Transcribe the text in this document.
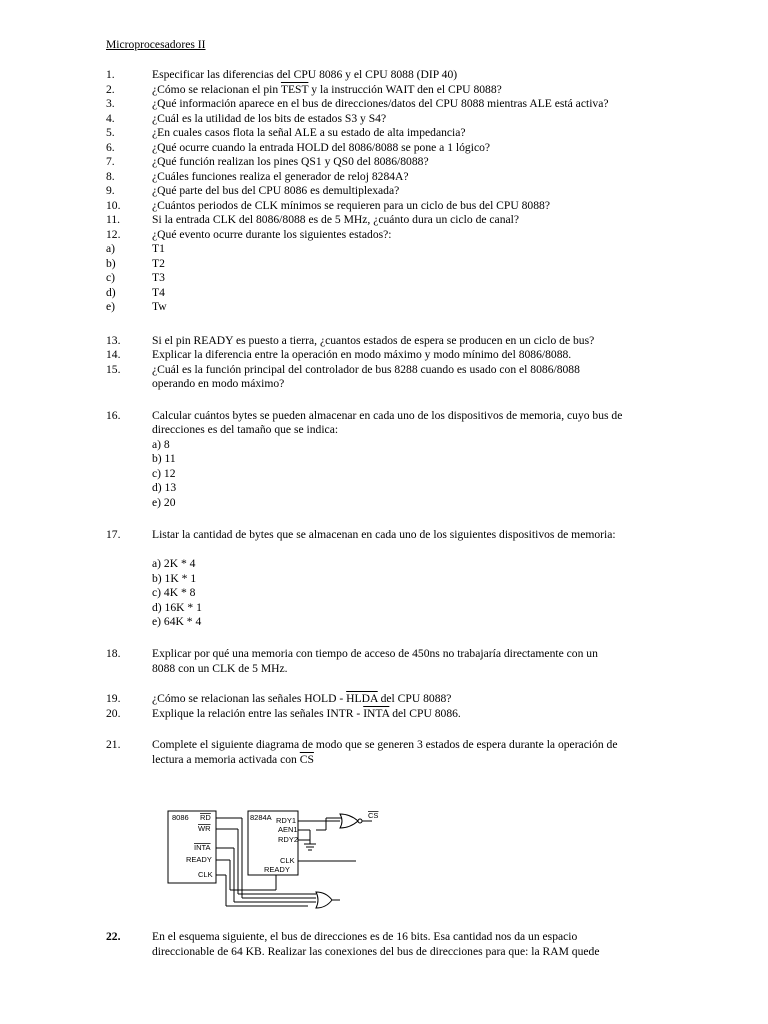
Microprocesadores II
1.	Especificar las diferencias del CPU 8086 y el CPU 8088 (DIP 40)
2.	¿Cómo se relacionan el pin TEST y la instrucción WAIT den el CPU 8088?
3.	¿Qué información aparece en el bus de direcciones/datos del CPU 8088 mientras ALE está activa?
4.	¿Cuál es la utilidad de los bits de estados S3 y S4?
5.	¿En cuales casos flota la señal ALE a su estado de alta impedancia?
6.	¿Qué ocurre cuando la entrada HOLD del 8086/8088 se pone a 1 lógico?
7.	¿Qué función realizan los pines QS1 y QS0 del 8086/8088?
8.	¿Cuáles funciones realiza el generador de reloj 8284A?
9.	¿Qué parte del bus del CPU 8086 es demultiplexada?
10.	¿Cuántos periodos de CLK mínimos se requieren para un ciclo de bus del CPU 8088?
11.	Si la entrada CLK del 8086/8088 es de 5 MHz, ¿cuánto dura un ciclo de canal?
12.	¿Qué evento ocurre durante los siguientes estados?:
a)	T1
b)	T2
c)	T3
d)	T4
e)	Tw
13.	Si el pin READY es puesto a tierra, ¿cuantos estados de espera se producen en un ciclo de bus?
14.	Explicar la diferencia entre la operación en modo máximo y modo mínimo del 8086/8088.
15.	¿Cuál es la función principal del controlador de bus 8288 cuando es usado con el 8086/8088
operando en modo máximo?
16.	Calcular cuántos bytes se pueden almacenar en cada uno de los dispositivos de memoria, cuyo bus de
direcciones es del tamaño que se indica:
a) 8
b) 11
c) 12
d) 13
e) 20
17.	Listar la cantidad de bytes que se almacenan en cada uno de los siguientes dispositivos de memoria:
a) 2K * 4
b) 1K * 1
c) 4K * 8
d) 16K * 1
e) 64K * 4
18.	Explicar por qué una memoria con tiempo de acceso de 450ns no trabajaría directamente con un
8088 con un CLK de 5 MHz.
19.	¿Cómo se relacionan las señales HOLD - HLDA del CPU 8088?
20.	Explique la relación entre las señales INTR - INTA del CPU 8086.
21.	Complete el siguiente diagrama de modo que se generen 3 estados de espera durante la operación de
lectura a memoria activada con $\overline{CS}$
8086 RD
WR
INTA
READY
CLK
8284A RDY1
AEN1
RDY2
CLK
READY
CS
22.	En el esquema siguiente, el bus de direcciones es de 16 bits. Esa cantidad nos da un espacio
direccionable de 64 KB. Realizar las conexiones del bus de direcciones para que: la RAM quede
